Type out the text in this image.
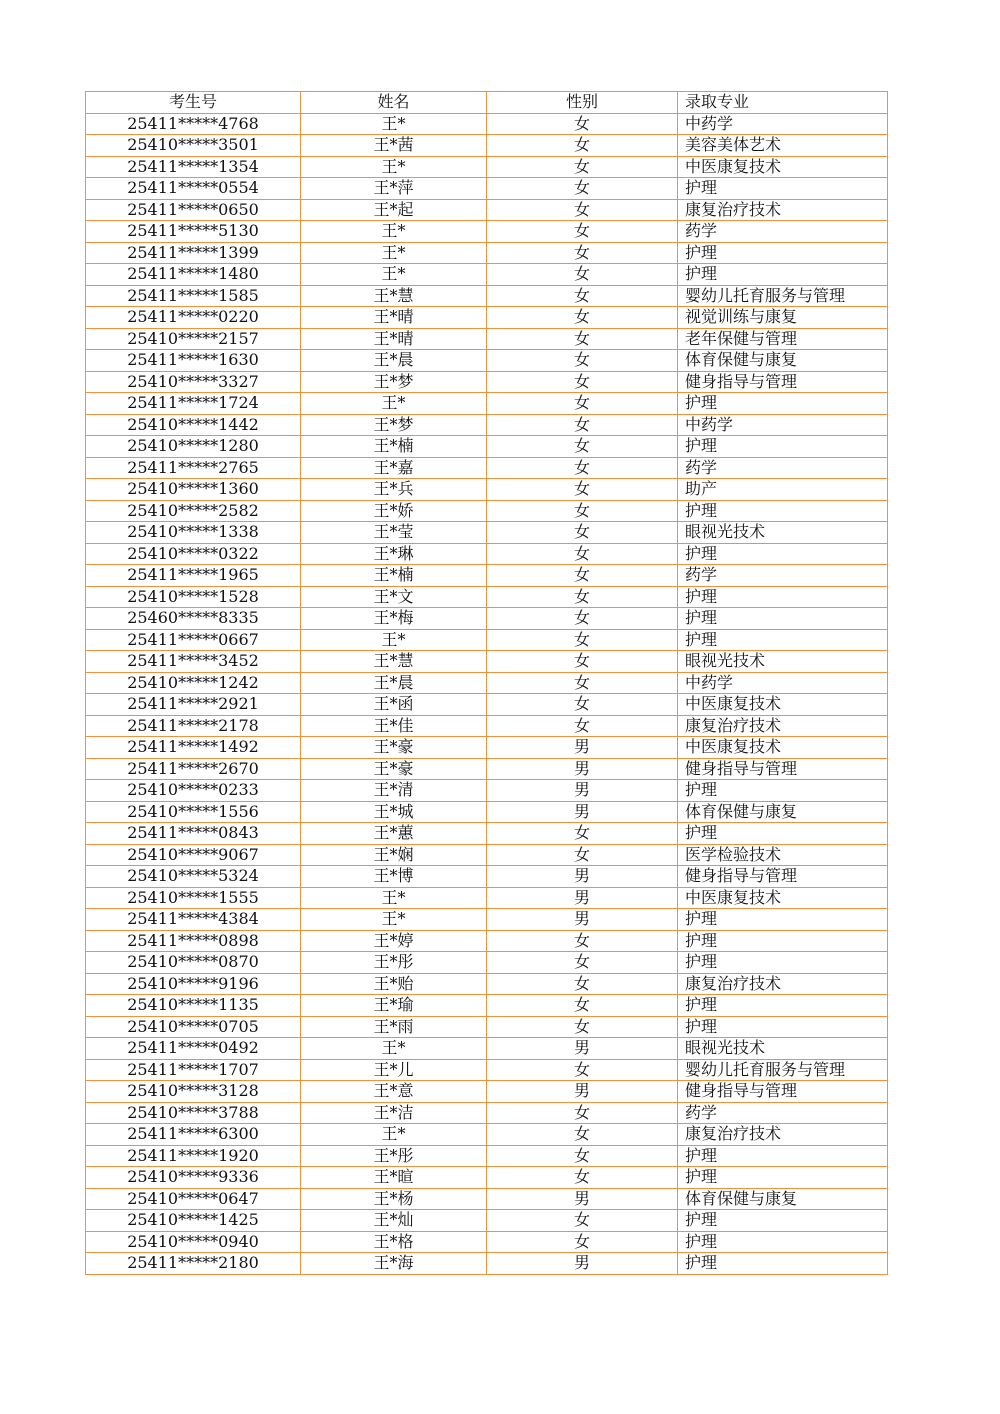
考生号	姓名	性别	录取专业
25411*****4768	王*	女	中药学
25410*****3501	王*茜	女	美容美体艺术
25411*****1354	王*	女	中医康复技术
25411*****0554	王*萍	女	护理
25411*****0650	王*起	女	康复治疗技术
25411*****5130	王*	女	药学
25411*****1399	王*	女	护理
25411*****1480	王*	女	护理
25411*****1585	王*慧	女	婴幼儿托育服务与管理
25411*****0220	王*晴	女	视觉训练与康复
25410*****2157	王*晴	女	老年保健与管理
25411*****1630	王*晨	女	体育保健与康复
25410*****3327	王*梦	女	健身指导与管理
25411*****1724	王*	女	护理
25410*****1442	王*梦	女	中药学
25410*****1280	王*楠	女	护理
25411*****2765	王*嘉	女	药学
25410*****1360	王*兵	女	助产
25410*****2582	王*娇	女	护理
25410*****1338	王*莹	女	眼视光技术
25410*****0322	王*琳	女	护理
25411*****1965	王*楠	女	药学
25410*****1528	王*文	女	护理
25460*****8335	王*梅	女	护理
25411*****0667	王*	女	护理
25411*****3452	王*慧	女	眼视光技术
25410*****1242	王*晨	女	中药学
25411*****2921	王*函	女	中医康复技术
25411*****2178	王*佳	女	康复治疗技术
25411*****1492	王*豪	男	中医康复技术
25411*****2670	王*豪	男	健身指导与管理
25410*****0233	王*清	男	护理
25410*****1556	王*城	男	体育保健与康复
25411*****0843	王*蕙	女	护理
25410*****9067	王*娴	女	医学检验技术
25410*****5324	王*博	男	健身指导与管理
25410*****1555	王*	男	中医康复技术
25411*****4384	王*	男	护理
25411*****0898	王*婷	女	护理
25410*****0870	王*彤	女	护理
25410*****9196	王*贻	女	康复治疗技术
25410*****1135	王*瑜	女	护理
25410*****0705	王*雨	女	护理
25411*****0492	王*	男	眼视光技术
25411*****1707	王*儿	女	婴幼儿托育服务与管理
25410*****3128	王*意	男	健身指导与管理
25410*****3788	王*洁	女	药学
25411*****6300	王*	女	康复治疗技术
25411*****1920	王*彤	女	护理
25410*****9336	王*暄	女	护理
25410*****0647	王*杨	男	体育保健与康复
25410*****1425	王*灿	女	护理
25410*****0940	王*格	女	护理
25411*****2180	王*海	男	护理
